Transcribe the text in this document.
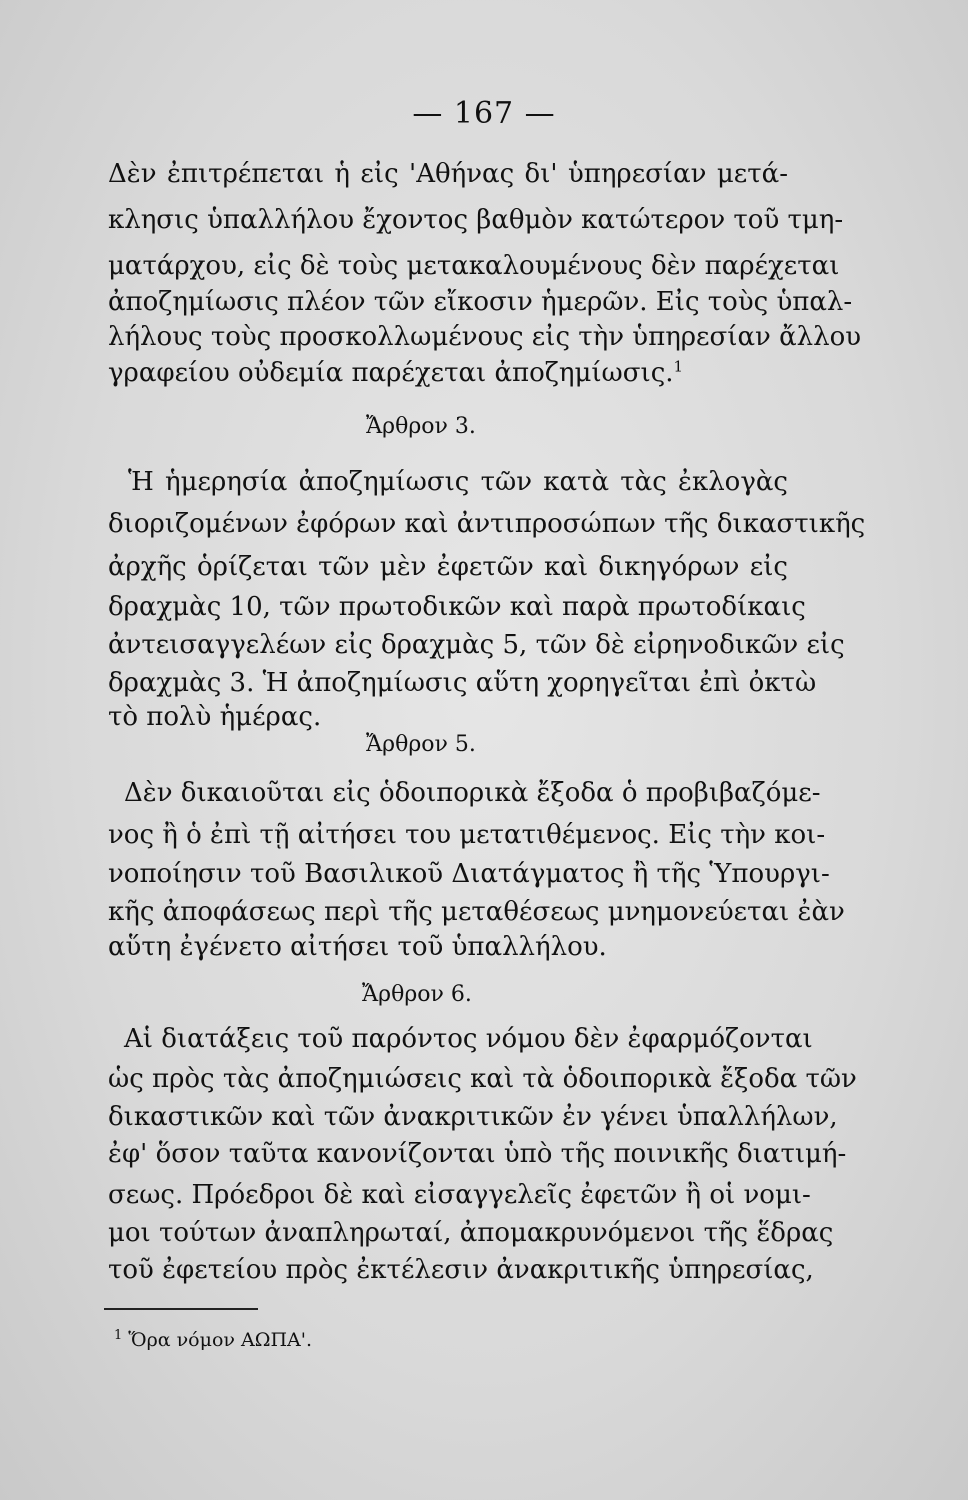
— 167 —
Δὲν ἐπιτρέπεται ἡ εἰς 'Αθήνας δι' ὑπηρεσίαν μετά-
κλησις ὑπαλλήλου ἔχοντος βαθμὸν κατώτερον τοῦ τμη-
ματάρχου, εἰς δὲ τοὺς μετακαλουμένους δὲν παρέχεται
ἀποζημίωσις πλέον τῶν εἴκοσιν ἡμερῶν. Εἰς τοὺς ὑπαλ-
λήλους τοὺς προσκολλωμένους εἰς τὴν ὑπηρεσίαν ἄλλου
γραφείου οὐδεμία παρέχεται ἀποζημίωσις.$^1$
Ἄρθρον 3.
Ἡ ἡμερησία ἀποζημίωσις τῶν κατὰ τὰς ἐκλογὰς
διοριζομένων ἐφόρων καὶ ἀντιπροσώπων τῆς δικαστικῆς
ἀρχῆς ὁρίζεται τῶν μὲν ἐφετῶν καὶ δικηγόρων εἰς
δραχμὰς 10, τῶν πρωτοδικῶν καὶ παρὰ πρωτοδίκαις
ἀντεισαγγελέων εἰς δραχμὰς 5, τῶν δὲ εἰρηνοδικῶν εἰς
δραχμὰς 3. Ἡ ἀποζημίωσις αὕτη χορηγεῖται ἐπὶ ὀκτὼ
τὸ πολὺ ἡμέρας.
Ἄρθρον 5.
Δὲν δικαιοῦται εἰς ὁδοιπορικὰ ἔξοδα ὁ προβιβαζόμε-
νος ἢ ὁ ἐπὶ τῇ αἰτήσει του μετατιθέμενος. Εἰς τὴν κοι-
νοποίησιν τοῦ Βασιλικοῦ Διατάγματος ἢ τῆς Ὑπουργι-
κῆς ἀποφάσεως περὶ τῆς μεταθέσεως μνημονεύεται ἐὰν
αὕτη ἐγένετο αἰτήσει τοῦ ὑπαλλήλου.
Ἄρθρον 6.
Αἱ διατάξεις τοῦ παρόντος νόμου δὲν ἐφαρμόζονται
ὡς πρὸς τὰς ἀποζημιώσεις καὶ τὰ ὁδοιπορικὰ ἔξοδα τῶν
δικαστικῶν καὶ τῶν ἀνακριτικῶν ἐν γένει ὑπαλλήλων,
ἐφ' ὅσον ταῦτα κανονίζονται ὑπὸ τῆς ποινικῆς διατιμή-
σεως. Πρόεδροι δὲ καὶ εἰσαγγελεῖς ἐφετῶν ἢ οἱ νομι-
μοι τούτων ἀναπληρωταί, ἀπομακρυνόμενοι τῆς ἕδρας
τοῦ ἐφετείου πρὸς ἐκτέλεσιν ἀνακριτικῆς ὑπηρεσίας,
$^1$ Ὅρα νόμον ΑΩΠΑ'.
